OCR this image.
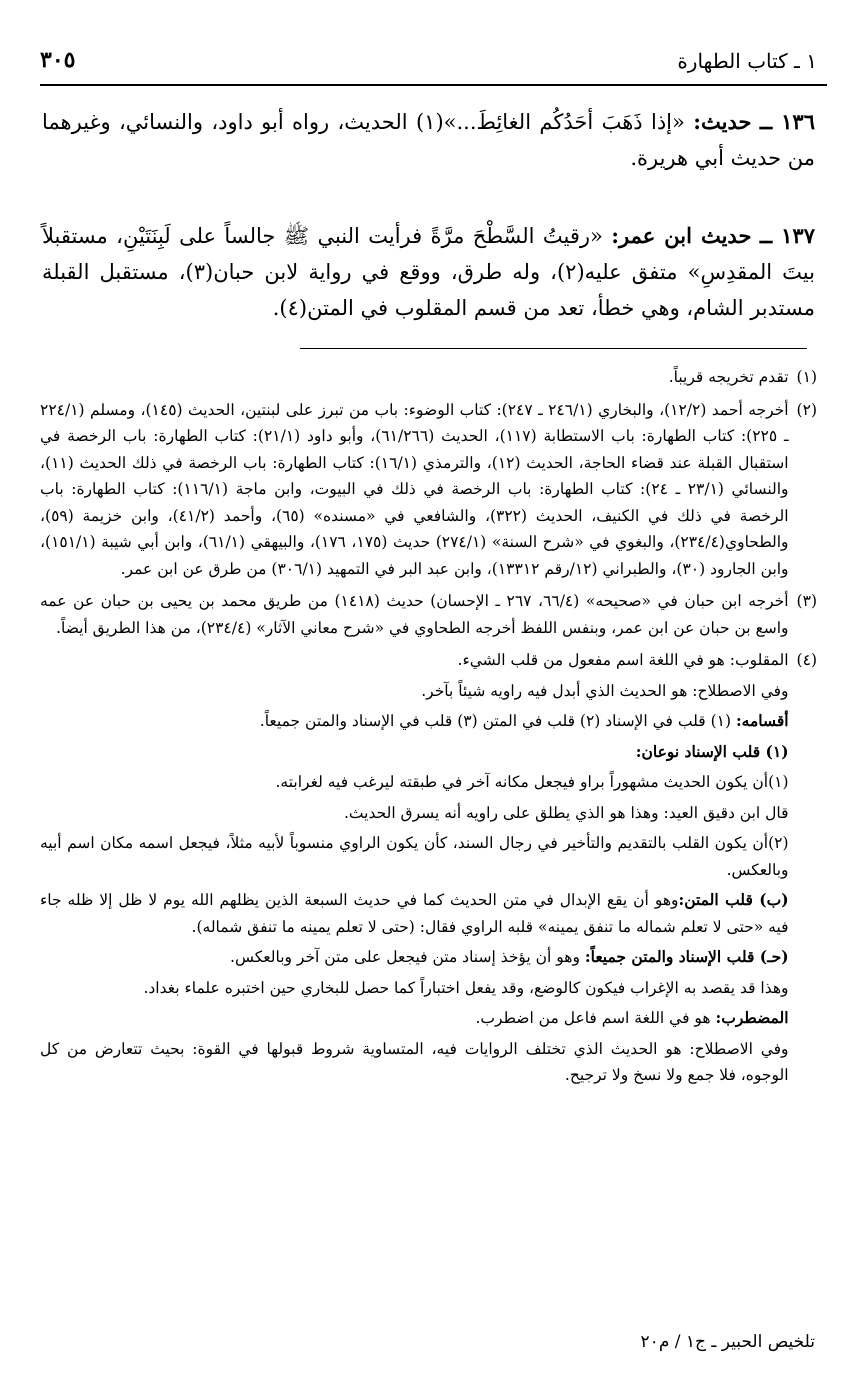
١ ـ كتاب الطهارة
٣٠٥
١٣٦ ــ حديث: «إذا ذَهَبَ أحَدُكُم الغائِطَ...»(١) الحديث، رواه أبو داود، والنسائي، وغيرهما من حديث أبي هريرة.
١٣٧ ــ حديث ابن عمر: «رقيتُ السَّطْحَ مرَّةً فرأيت النبي ﷺ جالساً على لَبِنَتَيْنِ، مستقبلاً بيتَ المقدِسِ» متفق عليه(٢)، وله طرق، ووقع في رواية لابن حبان(٣)، مستقبل القبلة مستدبر الشام، وهي خطأ، تعد من قسم المقلوب في المتن(٤).
(١)

تقدم تخريجه قريباً.

(٢)

أخرجه أحمد (١٢/٢)، والبخاري (٢٤٦/١ ـ ٢٤٧): كتاب الوضوء: باب من تبرز على لبنتين، الحديث (١٤٥)، ومسلم (٢٢٤/١ ـ ٢٢٥): كتاب الطهارة: باب الاستطابة (١١٧)، الحديث (٦١/٢٦٦)، وأبو داود (٢١/١): كتاب الطهارة: باب الرخصة في استقبال القبلة عند قضاء الحاجة، الحديث (١٢)، والترمذي (١٦/١): كتاب الطهارة: باب الرخصة في ذلك الحديث (١١)، والنسائي (٢٣/١ ـ ٢٤): كتاب الطهارة: باب الرخصة في ذلك في البيوت، وابن ماجة (١١٦/١): كتاب الطهارة: باب الرخصة في ذلك في الكنيف، الحديث (٣٢٢)، والشافعي في «مسنده» (٦٥)، وأحمد (٤١/٢)، وابن خزيمة (٥٩)، والطحاوي(٢٣٤/٤)، والبغوي في «شرح السنة» (٢٧٤/١) حديث (١٧٥، ١٧٦)، والبيهقي (٦١/١)، وابن أبي شيبة (١٥١/١)، وابن الجارود (٣٠)، والطبراني (١٢/رقم ١٣٣١٢)، وابن عبد البر في التمهيد (٣٠٦/١) من طرق عن ابن عمر.

(٣)

أخرجه ابن حبان في «صحيحه» (٦٦/٤، ٢٦٧ ـ الإحسان) حديث (١٤١٨) من طريق محمد بن يحيى بن حبان عن عمه واسع بن حبان عن ابن عمر، وبنفس اللفظ أخرجه الطحاوي في «شرح معاني الآثار» (٢٣٤/٤)، من هذا الطريق أيضاً.

(٤)

المقلوب: هو في اللغة اسم مفعول من قلب الشيء.

وفي الاصطلاح: هو الحديث الذي أبدل فيه راويه شيئاً بآخر.

أقسامه: (١) قلب في الإسناد (٢) قلب في المتن (٣) قلب في الإسناد والمتن جميعاً.

(١) قلب الإسناد نوعان:

(١)أن يكون الحديث مشهوراً براو فيجعل مكانه آخر في طبقته ليرغب فيه لغرابته.

قال ابن دقيق العيد: وهذا هو الذي يطلق على راويه أنه يسرق الحديث.

(٢)أن يكون القلب بالتقديم والتأخير في رجال السند، كأن يكون الراوي منسوباً لأبيه مثلاً، فيجعل اسمه مكان اسم أبيه وبالعكس.

(ب) قلب المتن:وهو أن يقع الإبدال في متن الحديث كما في حديث السبعة الذين يظلهم الله يوم لا ظل إلا ظله جاء فيه «حتى لا تعلم شماله ما تنفق يمينه» قلبه الراوي فقال: (حتى لا تعلم يمينه ما تنفق شماله).

(حـ) قلب الإسناد والمتن جميعاً: وهو أن يؤخذ إسناد متن فيجعل على متن آخر وبالعكس.

وهذا قد يقصد به الإغراب فيكون كالوضع، وقد يفعل اختباراً كما حصل للبخاري حين اختبره علماء بغداد.

المضطرب: هو في اللغة اسم فاعل من اضطرب.

وفي الاصطلاح: هو الحديث الذي تختلف الروايات فيه، المتساوية شروط قبولها في القوة: بحيث تتعارض من كل الوجوه، فلا جمع ولا نسخ ولا ترجيح.

تلخيص الحبير ـ ج١ / م٢٠
